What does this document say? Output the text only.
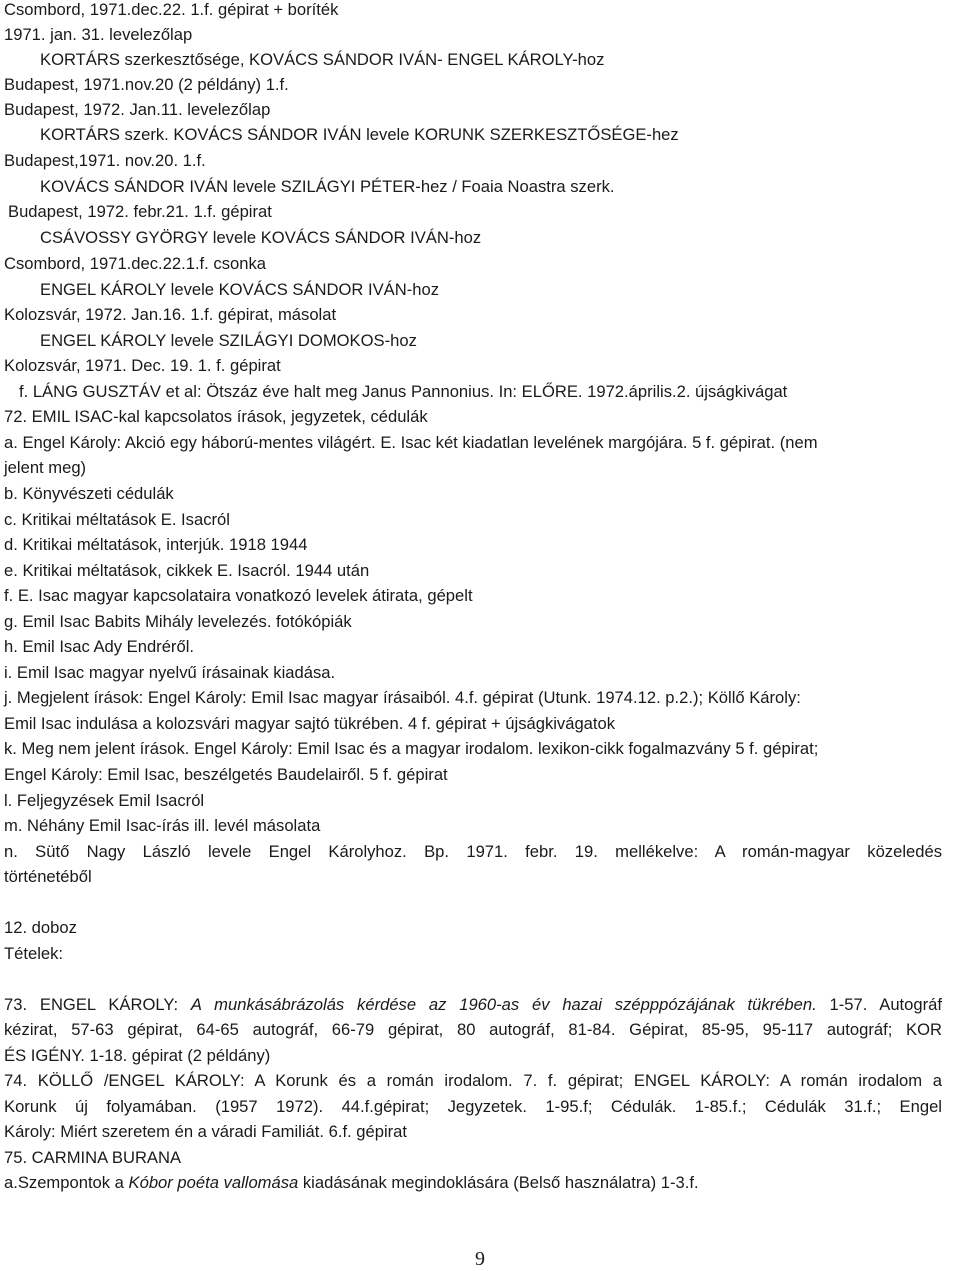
Csombord, 1971.dec.22. 1.f. gépirat + boríték
1971. jan. 31. levelezőlap
KORTÁRS szerkesztősége, KOVÁCS SÁNDOR IVÁN- ENGEL KÁROLY-hoz
Budapest, 1971.nov.20 (2 példány) 1.f.
Budapest, 1972. Jan.11. levelezőlap
KORTÁRS szerk. KOVÁCS SÁNDOR IVÁN levele KORUNK SZERKESZTŐSÉGE-hez
Budapest,1971. nov.20. 1.f.
KOVÁCS SÁNDOR IVÁN levele SZILÁGYI PÉTER-hez / Foaia Noastra szerk.
Budapest, 1972. febr.21. 1.f. gépirat
CSÁVOSSY GYÖRGY levele KOVÁCS SÁNDOR IVÁN-hoz
Csombord, 1971.dec.22.1.f. csonka
ENGEL KÁROLY levele KOVÁCS SÁNDOR IVÁN-hoz
Kolozsvár, 1972. Jan.16. 1.f. gépirat, másolat
ENGEL KÁROLY levele SZILÁGYI DOMOKOS-hoz
Kolozsvár, 1971. Dec. 19. 1. f. gépirat
f. LÁNG GUSZTÁV et al: Ötszáz éve halt meg Janus Pannonius. In: ELŐRE. 1972.április.2. újságkivágat
72. EMIL ISAC-kal kapcsolatos írások, jegyzetek, cédulák
a. Engel Károly: Akció egy háború-mentes világért. E. Isac két kiadatlan levelének margójára. 5 f. gépirat. (nem
jelent meg)
b. Könyvészeti cédulák
c. Kritikai méltatások E. Isacról
d. Kritikai méltatások, interjúk. 1918 1944
e. Kritikai méltatások, cikkek E. Isacról. 1944 után
f. E. Isac magyar kapcsolataira vonatkozó levelek átirata, gépelt
g. Emil Isac Babits Mihály levelezés. fotókópiák
h. Emil Isac Ady Endréről.
i. Emil Isac magyar nyelvű írásainak kiadása.
j. Megjelent írások: Engel Károly: Emil Isac magyar írásaiból. 4.f. gépirat (Utunk. 1974.12. p.2.); Köllő Károly:
Emil Isac indulása a kolozsvári magyar sajtó tükrében. 4 f. gépirat + újságkivágatok
k. Meg nem jelent írások. Engel Károly: Emil Isac és a magyar irodalom. lexikon-cikk fogalmazvány 5 f. gépirat;
Engel Károly: Emil Isac, beszélgetés Baudelairől. 5 f. gépirat
l. Feljegyzések Emil Isacról
m. Néhány Emil Isac-írás ill. levél másolata
n. Sütő Nagy László levele Engel Károlyhoz. Bp. 1971. febr. 19. mellékelve: A román-magyar közeledés
történetéből
12. doboz
Tételek:
73. ENGEL KÁROLY: A munkásábrázolás kérdése az 1960-as év hazai széppрózájának tükrében. 1-57. Autográf
kézirat, 57-63 gépirat, 64-65 autográf, 66-79 gépirat, 80 autográf, 81-84. Gépirat, 85-95, 95-117 autográf; KOR
ÉS IGÉNY. 1-18. gépirat (2 példány)
74. KÖLLŐ /ENGEL KÁROLY: A Korunk és a román irodalom. 7. f. gépirat; ENGEL KÁROLY: A román irodalom a
Korunk új folyamában. (1957 1972). 44.f.gépirat; Jegyzetek. 1-95.f; Cédulák. 1-85.f.; Cédulák 31.f.; Engel
Károly: Miért szeretem én a váradi Familiát. 6.f. gépirat
75. CARMINA BURANA
a.Szempontok a Kóbor poéta vallomása kiadásának megindoklására (Belső használatra) 1-3.f.
9
